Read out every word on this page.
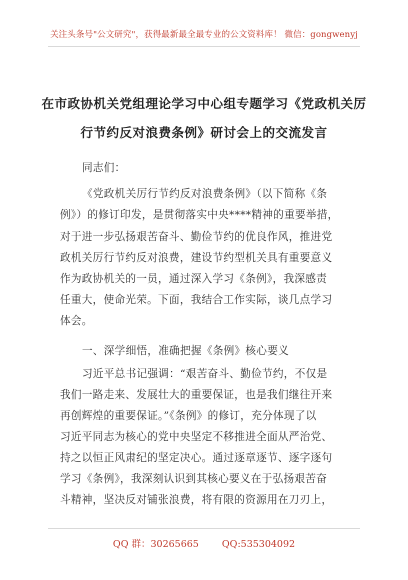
关注头条号"公文研究"，获得最新最全最专业的公文资料库！ 微信：gongwenyj
在市政协机关党组理论学习中心组专题学习《党政机关厉
行节约反对浪费条例》研讨会上的交流发言
同志们：
《党政机关厉行节约反对浪费条例》（以下简称《条
例》）的修订印发，是贯彻落实中央****精神的重要举措，
对于进一步弘扬艰苦奋斗、勤俭节约的优良作风，推进党
政机关厉行节约反对浪费，建设节约型机关具有重要意义
作为政协机关的一员，通过深入学习《条例》，我深感责
任重大，使命光荣。下面，我结合工作实际，谈几点学习
体会。
一、深学细悟，准确把握《条例》核心要义
习近平总书记强调：“艰苦奋斗、勤俭节约，不仅是
我们一路走来、发展壮大的重要保证，也是我们继往开来
再创辉煌的重要保证。”《条例》的修订，充分体现了以
习近平同志为核心的党中央坚定不移推进全面从严治党、
持之以恒正风肃纪的坚定决心。通过逐章逐节、逐字逐句
学习《条例》，我深刻认识到其核心要义在于弘扬艰苦奋
斗精神，坚决反对铺张浪费，将有限的资源用在刀刃上，
QQ 群：30265665 QQ:535304092
